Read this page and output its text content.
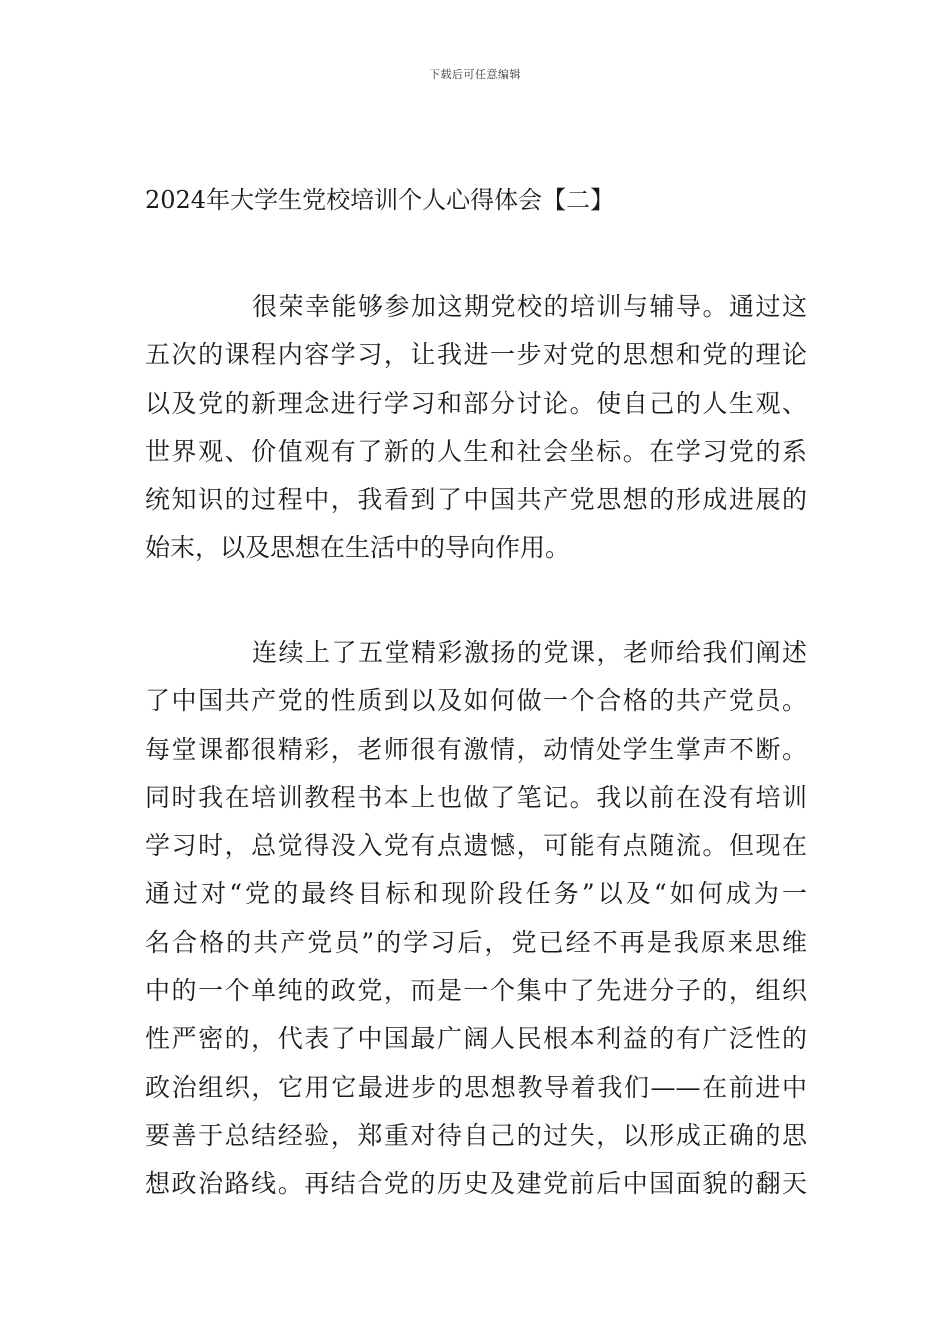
下载后可任意编辑
2024年大学生党校培训个人心得体会【二】
很荣幸能够参加这期党校的培训与辅导。通过这
五次的课程内容学习，让我进一步对党的思想和党的理论
以及党的新理念进行学习和部分讨论。使自己的人生观、
世界观、价值观有了新的人生和社会坐标。在学习党的系
统知识的过程中，我看到了中国共产党思想的形成进展的
始末，以及思想在生活中的导向作用。
连续上了五堂精彩激扬的党课，老师给我们阐述
了中国共产党的性质到以及如何做一个合格的共产党员。
每堂课都很精彩，老师很有激情，动情处学生掌声不断。
同时我在培训教程书本上也做了笔记。我以前在没有培训
学习时，总觉得没入党有点遗憾，可能有点随流。但现在
通过对“党的最终目标和现阶段任务”以及“如何成为一
名合格的共产党员”的学习后，党已经不再是我原来思维
中的一个单纯的政党，而是一个集中了先进分子的，组织
性严密的，代表了中国最广阔人民根本利益的有广泛性的
政治组织，它用它最进步的思想教导着我们——在前进中
要善于总结经验，郑重对待自己的过失，以形成正确的思
想政治路线。再结合党的历史及建党前后中国面貌的翻天
